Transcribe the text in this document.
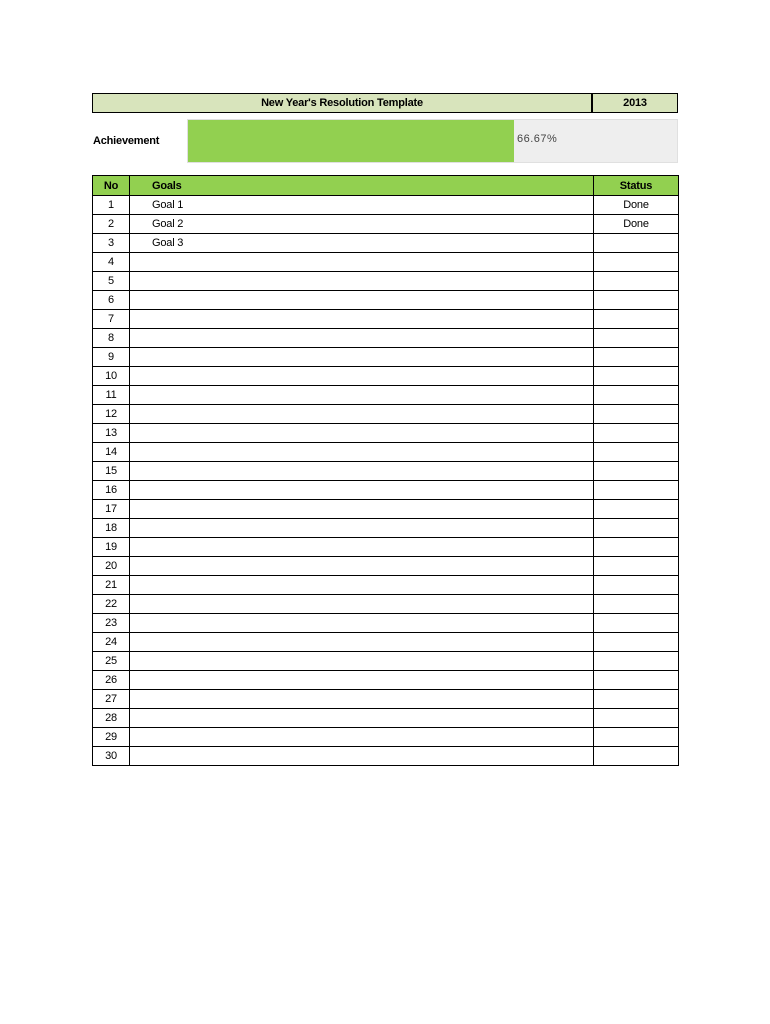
New Year's Resolution Template	2013
Achievement	66.67%
No	Goals	Status
1	Goal 1	Done
2	Goal 2	Done
3	Goal 3	
4		
5		
6		
7		
8		
9		
10		
11		
12		
13		
14		
15		
16		
17		
18		
19		
20		
21		
22		
23		
24		
25		
26		
27		
28		
29		
30		
